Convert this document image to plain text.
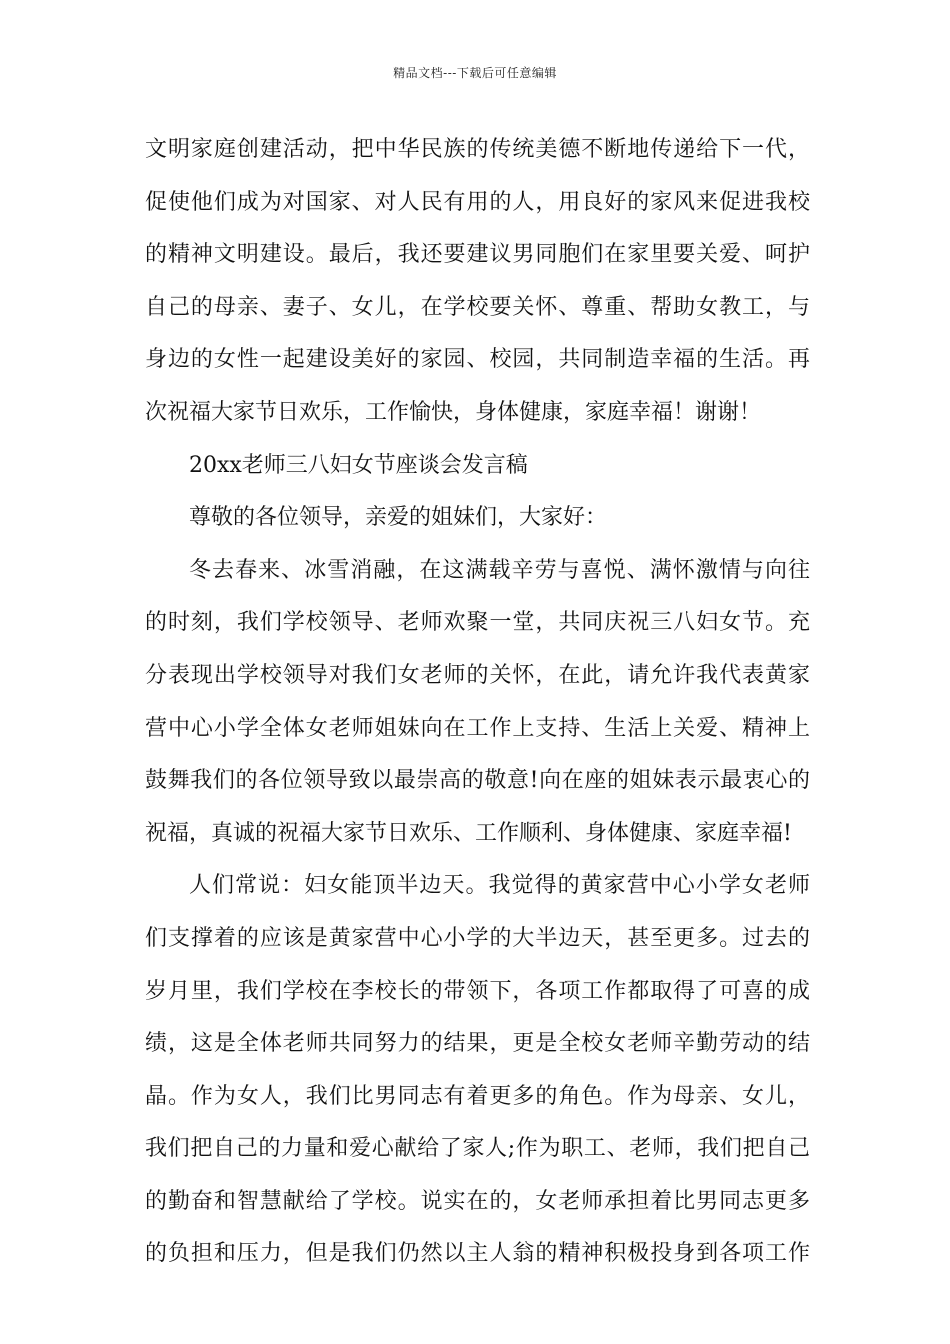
精品文档---下载后可任意编辑
文明家庭创建活动，把中华民族的传统美德不断地传递给下一代，
促使他们成为对国家、对人民有用的人，用良好的家风来促进我校
的精神文明建设。最后，我还要建议男同胞们在家里要关爱、呵护
自己的母亲、妻子、女儿，在学校要关怀、尊重、帮助女教工，与
身边的女性一起建设美好的家园、校园，共同制造幸福的生活。再
次祝福大家节日欢乐，工作愉快，身体健康，家庭幸福！谢谢！
20xx老师三八妇女节座谈会发言稿
尊敬的各位领导，亲爱的姐妹们，大家好：
冬去春来、冰雪消融，在这满载辛劳与喜悦、满怀激情与向往
的时刻，我们学校领导、老师欢聚一堂，共同庆祝三八妇女节。充
分表现出学校领导对我们女老师的关怀，在此，请允许我代表黄家
营中心小学全体女老师姐妹向在工作上支持、生活上关爱、精神上
鼓舞我们的各位领导致以最崇高的敬意!向在座的姐妹表示最衷心的
祝福，真诚的祝福大家节日欢乐、工作顺利、身体健康、家庭幸福!
人们常说：妇女能顶半边天。我觉得的黄家营中心小学女老师
们支撑着的应该是黄家营中心小学的大半边天，甚至更多。过去的
岁月里，我们学校在李校长的带领下，各项工作都取得了可喜的成
绩，这是全体老师共同努力的结果，更是全校女老师辛勤劳动的结
晶。作为女人，我们比男同志有着更多的角色。作为母亲、女儿，
我们把自己的力量和爱心献给了家人;作为职工、老师，我们把自己
的勤奋和智慧献给了学校。说实在的，女老师承担着比男同志更多
的负担和压力，但是我们仍然以主人翁的精神积极投身到各项工作
